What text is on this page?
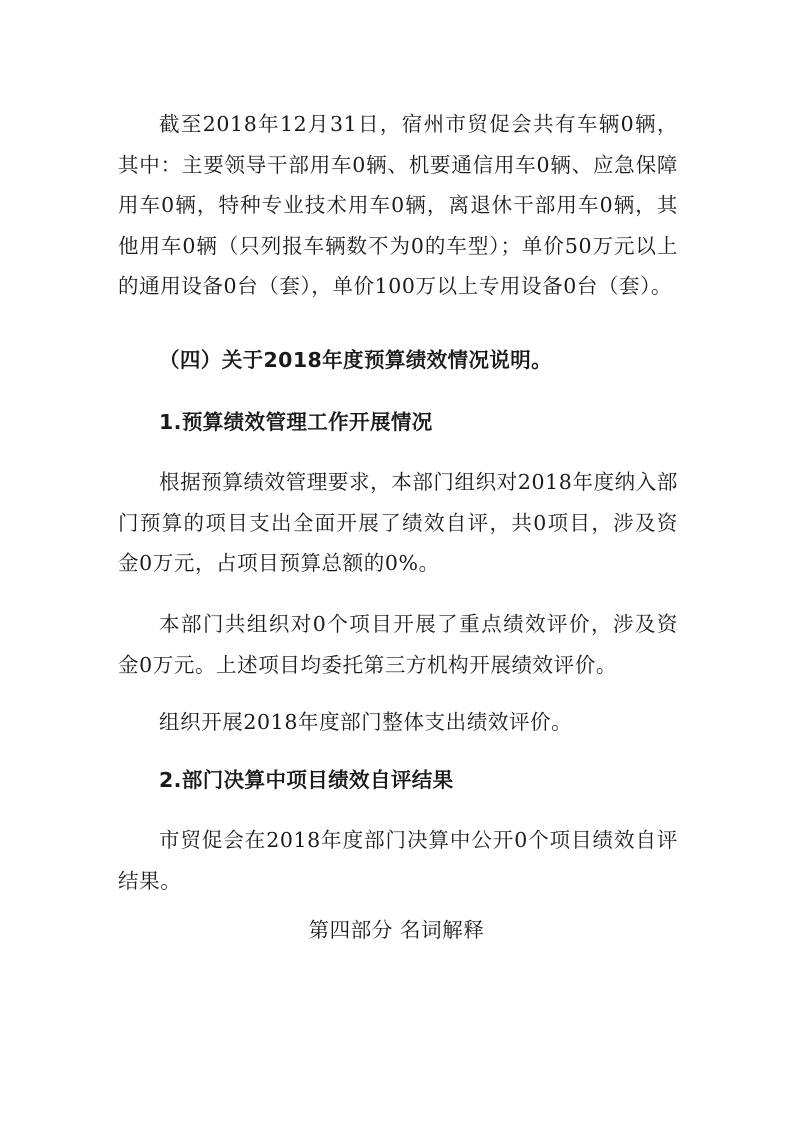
截至2018年12月31日，宿州市贸促会共有车辆0辆，其中：主要领导干部用车0辆、机要通信用车0辆、应急保障用车0辆，特种专业技术用车0辆，离退休干部用车0辆，其他用车0辆（只列报车辆数不为0的车型）；单价50万元以上的通用设备0台（套），单价100万以上专用设备0台（套）。

（四）关于2018年度预算绩效情况说明。

1.预算绩效管理工作开展情况

根据预算绩效管理要求，本部门组织对2018年度纳入部门预算的项目支出全面开展了绩效自评，共0项目，涉及资金0万元，占项目预算总额的0%。

本部门共组织对0个项目开展了重点绩效评价，涉及资金0万元。上述项目均委托第三方机构开展绩效评价。

组织开展2018年度部门整体支出绩效评价。

2.部门决算中项目绩效自评结果

市贸促会在2018年度部门决算中公开0个项目绩效自评结果。

第四部分 名词解释
